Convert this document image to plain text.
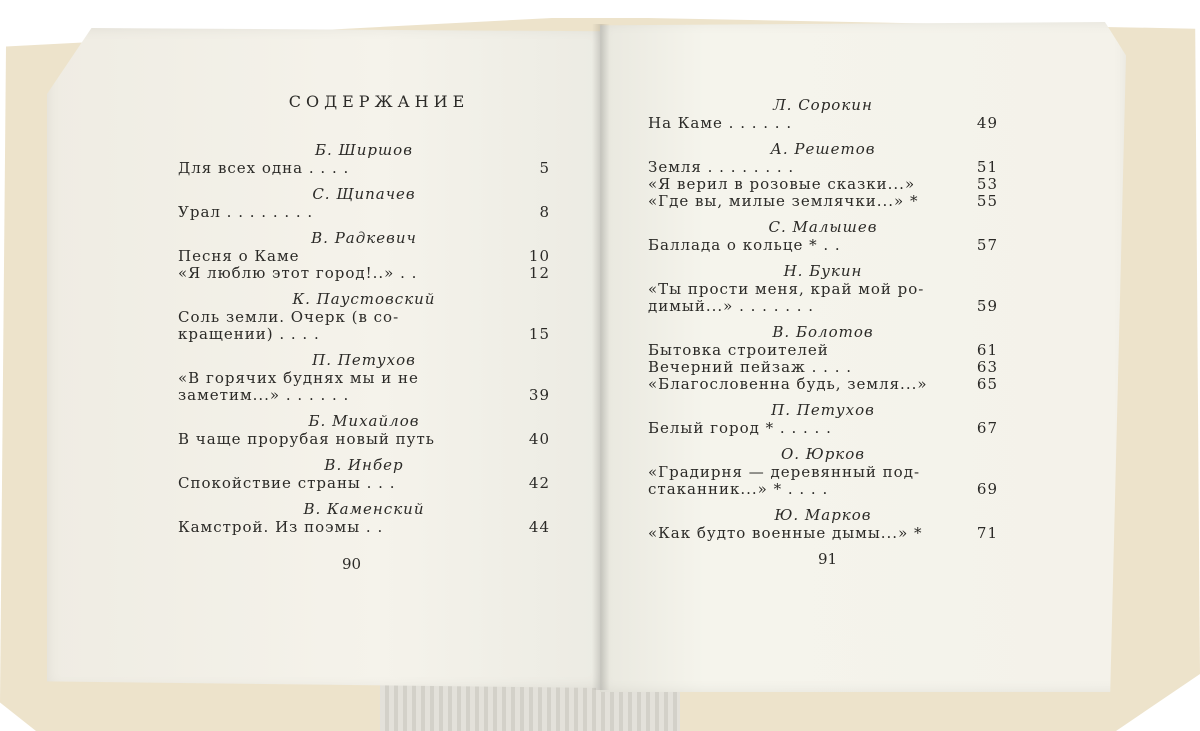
СОДЕРЖАНИЕ
Б. Ширшов
Для всех одна . . . .	5
С. Щипачев
Урал . . . . . . . .	8
В. Радкевич
Песня о Каме	10
«Я люблю этот город!..» . .	12
К. Паустовский
Соль земли. Очерк (в со-
кращении) . . . .	15
П. Петухов
«В горячих буднях мы и не
заметим...» . . . . . .	39
Б. Михайлов
В чаще прорубая новый путь	40
В. Инбер
Спокойствие страны . . .	42
В. Каменский
Камстрой. Из поэмы . .	44
90
Л. Сорокин
На Каме . . . . . .	49
А. Решетов
Земля . . . . . . . .	51
«Я верил в розовые сказки...»	53
«Где вы, милые землячки...» *	55
С. Малышев
Баллада о кольце * . .	57
Н. Букин
«Ты прости меня, край мой ро-
димый...» . . . . . . .	59
В. Болотов
Бытовка строителей	61
Вечерний пейзаж . . . .	63
«Благословенна будь, земля...»	65
П. Петухов
Белый город * . . . . .	67
О. Юрков
«Градирня — деревянный под-
стаканник...» * . . . .	69
Ю. Марков
«Как будто военные дымы...» *	71
91
